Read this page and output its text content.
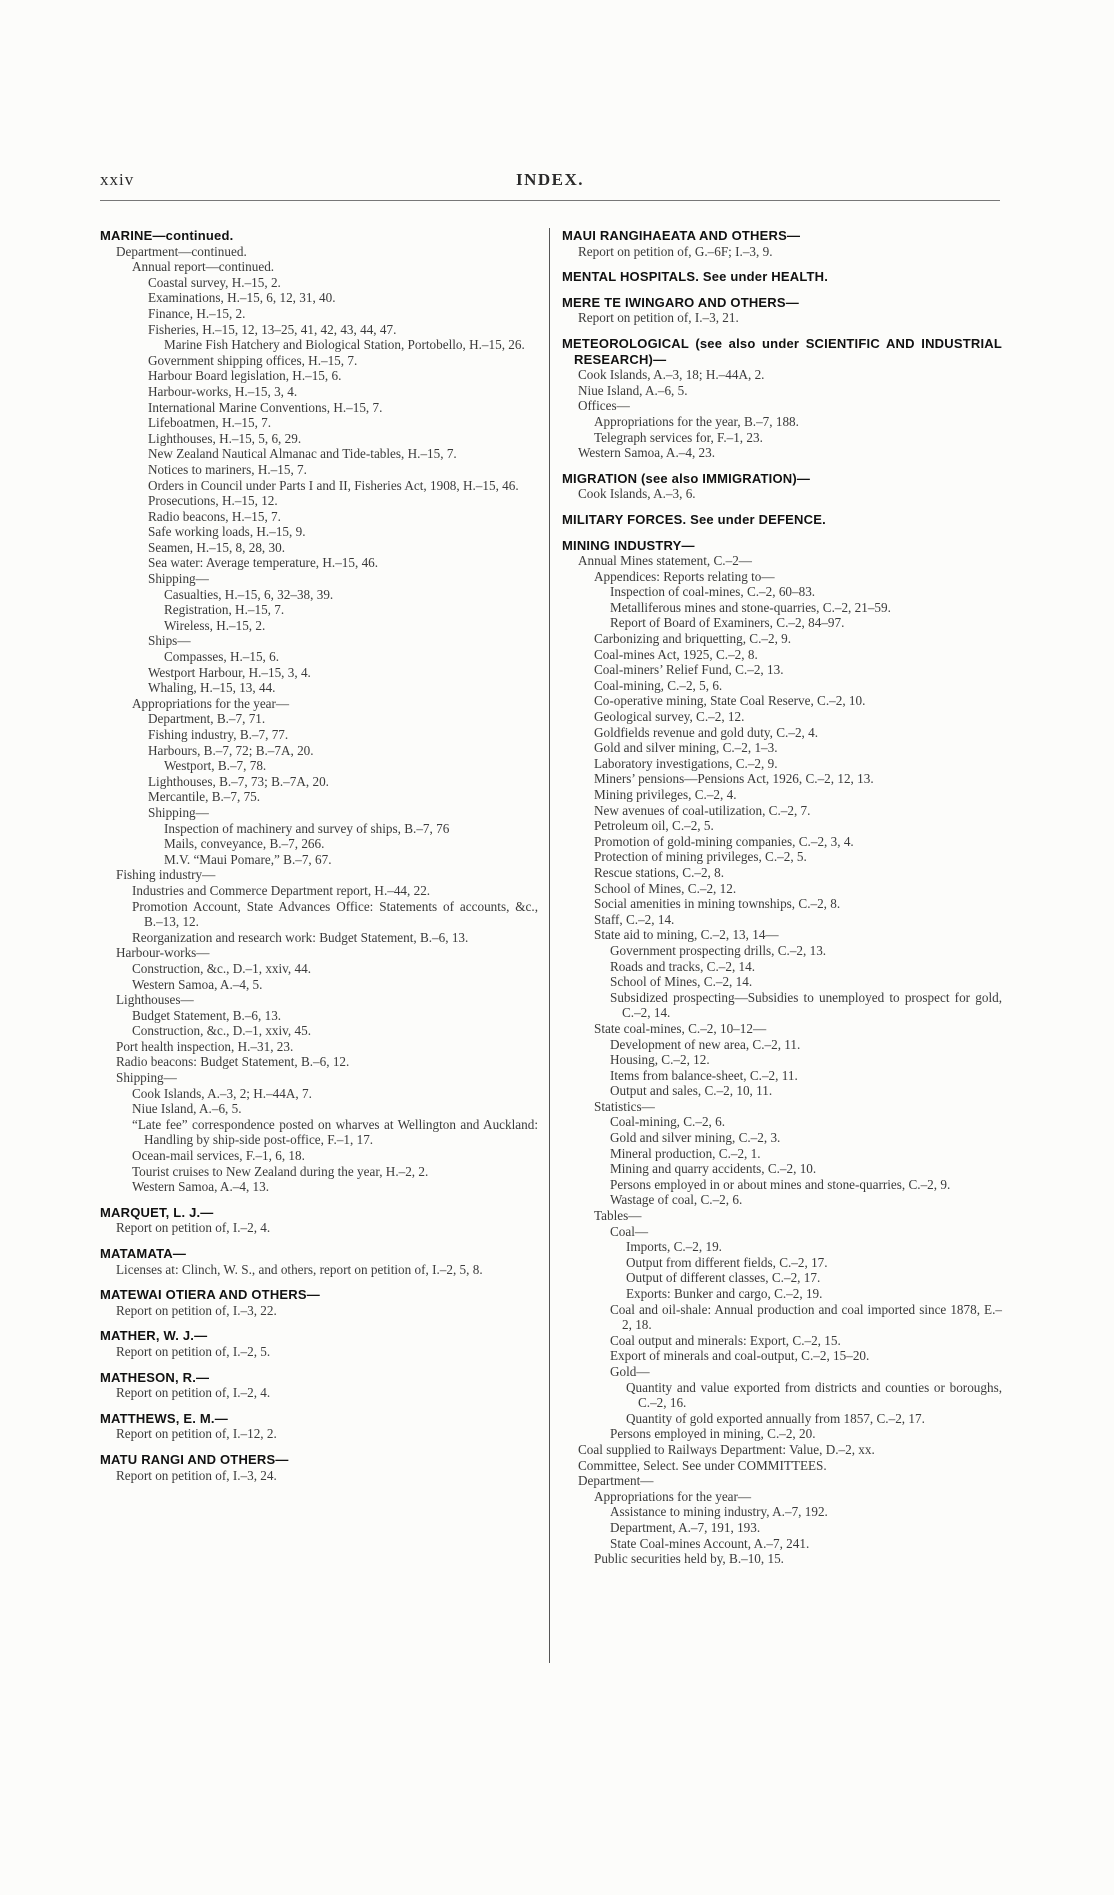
xxiv	INDEX.
MARINE—continued.
Department—continued.
Annual report—continued.
Coastal survey, H.–15, 2.
Examinations, H.–15, 6, 12, 31, 40.
Finance, H.–15, 2.
Fisheries, H.–15, 12, 13–25, 41, 42, 43, 44, 47.
Marine Fish Hatchery and Biological Station, Portobello, H.–15, 26.
Government shipping offices, H.–15, 7.
Harbour Board legislation, H.–15, 6.
Harbour-works, H.–15, 3, 4.
International Marine Conventions, H.–15, 7.
Lifeboatmen, H.–15, 7.
Lighthouses, H.–15, 5, 6, 29.
New Zealand Nautical Almanac and Tide-tables, H.–15, 7.
Notices to mariners, H.–15, 7.
Orders in Council under Parts I and II, Fisheries Act, 1908, H.–15, 46.
Prosecutions, H.–15, 12.
Radio beacons, H.–15, 7.
Safe working loads, H.–15, 9.
Seamen, H.–15, 8, 28, 30.
Sea water: Average temperature, H.–15, 46.
Shipping—
Casualties, H.–15, 6, 32–38, 39.
Registration, H.–15, 7.
Wireless, H.–15, 2.
Ships—
Compasses, H.–15, 6.
Westport Harbour, H.–15, 3, 4.
Whaling, H.–15, 13, 44.
Appropriations for the year—
Department, B.–7, 71.
Fishing industry, B.–7, 77.
Harbours, B.–7, 72; B.–7A, 20.
Westport, B.–7, 78.
Lighthouses, B.–7, 73; B.–7A, 20.
Mercantile, B.–7, 75.
Shipping—
Inspection of machinery and survey of ships, B.–7, 76
Mails, conveyance, B.–7, 266.
M.V. “Maui Pomare,” B.–7, 67.
Fishing industry—
Industries and Commerce Department report, H.–44, 22.
Promotion Account, State Advances Office: Statements of accounts, &c., B.–13, 12.
Reorganization and research work: Budget Statement, B.–6, 13.
Harbour-works—
Construction, &c., D.–1, xxiv, 44.
Western Samoa, A.–4, 5.
Lighthouses—
Budget Statement, B.–6, 13.
Construction, &c., D.–1, xxiv, 45.
Port health inspection, H.–31, 23.
Radio beacons: Budget Statement, B.–6, 12.
Shipping—
Cook Islands, A.–3, 2; H.–44A, 7.
Niue Island, A.–6, 5.
“Late fee” correspondence posted on wharves at Wellington and Auckland: Handling by ship-side post-office, F.–1, 17.
Ocean-mail services, F.–1, 6, 18.
Tourist cruises to New Zealand during the year, H.–2, 2.
Western Samoa, A.–4, 13.
MARQUET, L. J.—
Report on petition of, I.–2, 4.
MATAMATA—
Licenses at: Clinch, W. S., and others, report on petition of, I.–2, 5, 8.
MATEWAI OTIERA AND OTHERS—
Report on petition of, I.–3, 22.
MATHER, W. J.—
Report on petition of, I.–2, 5.
MATHESON, R.—
Report on petition of, I.–2, 4.
MATTHEWS, E. M.—
Report on petition of, I.–12, 2.
MATU RANGI AND OTHERS—
Report on petition of, I.–3, 24.
MAUI RANGIHAEATA AND OTHERS—
Report on petition of, G.–6F; I.–3, 9.
MENTAL HOSPITALS. See under HEALTH.
MERE TE IWINGARO AND OTHERS—
Report on petition of, I.–3, 21.
METEOROLOGICAL (see also under SCIENTIFIC AND INDUSTRIAL RESEARCH)—
Cook Islands, A.–3, 18; H.–44A, 2.
Niue Island, A.–6, 5.
Offices—
Appropriations for the year, B.–7, 188.
Telegraph services for, F.–1, 23.
Western Samoa, A.–4, 23.
MIGRATION (see also IMMIGRATION)—
Cook Islands, A.–3, 6.
MILITARY FORCES. See under DEFENCE.
MINING INDUSTRY—
Annual Mines statement, C.–2—
Appendices: Reports relating to—
Inspection of coal-mines, C.–2, 60–83.
Metalliferous mines and stone-quarries, C.–2, 21–59.
Report of Board of Examiners, C.–2, 84–97.
Carbonizing and briquetting, C.–2, 9.
Coal-mines Act, 1925, C.–2, 8.
Coal-miners’ Relief Fund, C.–2, 13.
Coal-mining, C.–2, 5, 6.
Co-operative mining, State Coal Reserve, C.–2, 10.
Geological survey, C.–2, 12.
Goldfields revenue and gold duty, C.–2, 4.
Gold and silver mining, C.–2, 1–3.
Laboratory investigations, C.–2, 9.
Miners’ pensions—Pensions Act, 1926, C.–2, 12, 13.
Mining privileges, C.–2, 4.
New avenues of coal-utilization, C.–2, 7.
Petroleum oil, C.–2, 5.
Promotion of gold-mining companies, C.–2, 3, 4.
Protection of mining privileges, C.–2, 5.
Rescue stations, C.–2, 8.
School of Mines, C.–2, 12.
Social amenities in mining townships, C.–2, 8.
Staff, C.–2, 14.
State aid to mining, C.–2, 13, 14—
Government prospecting drills, C.–2, 13.
Roads and tracks, C.–2, 14.
School of Mines, C.–2, 14.
Subsidized prospecting—Subsidies to unemployed to prospect for gold, C.–2, 14.
State coal-mines, C.–2, 10–12—
Development of new area, C.–2, 11.
Housing, C.–2, 12.
Items from balance-sheet, C.–2, 11.
Output and sales, C.–2, 10, 11.
Statistics—
Coal-mining, C.–2, 6.
Gold and silver mining, C.–2, 3.
Mineral production, C.–2, 1.
Mining and quarry accidents, C.–2, 10.
Persons employed in or about mines and stone-quarries, C.–2, 9.
Wastage of coal, C.–2, 6.
Tables—
Coal—
Imports, C.–2, 19.
Output from different fields, C.–2, 17.
Output of different classes, C.–2, 17.
Exports: Bunker and cargo, C.–2, 19.
Coal and oil-shale: Annual production and coal imported since 1878, E.–2, 18.
Coal output and minerals: Export, C.–2, 15.
Export of minerals and coal-output, C.–2, 15–20.
Gold—
Quantity and value exported from districts and counties or boroughs, C.–2, 16.
Quantity of gold exported annually from 1857, C.–2, 17.
Persons employed in mining, C.–2, 20.
Coal supplied to Railways Department: Value, D.–2, xx.
Committee, Select. See under COMMITTEES.
Department—
Appropriations for the year—
Assistance to mining industry, A.–7, 192.
Department, A.–7, 191, 193.
State Coal-mines Account, A.–7, 241.
Public securities held by, B.–10, 15.
